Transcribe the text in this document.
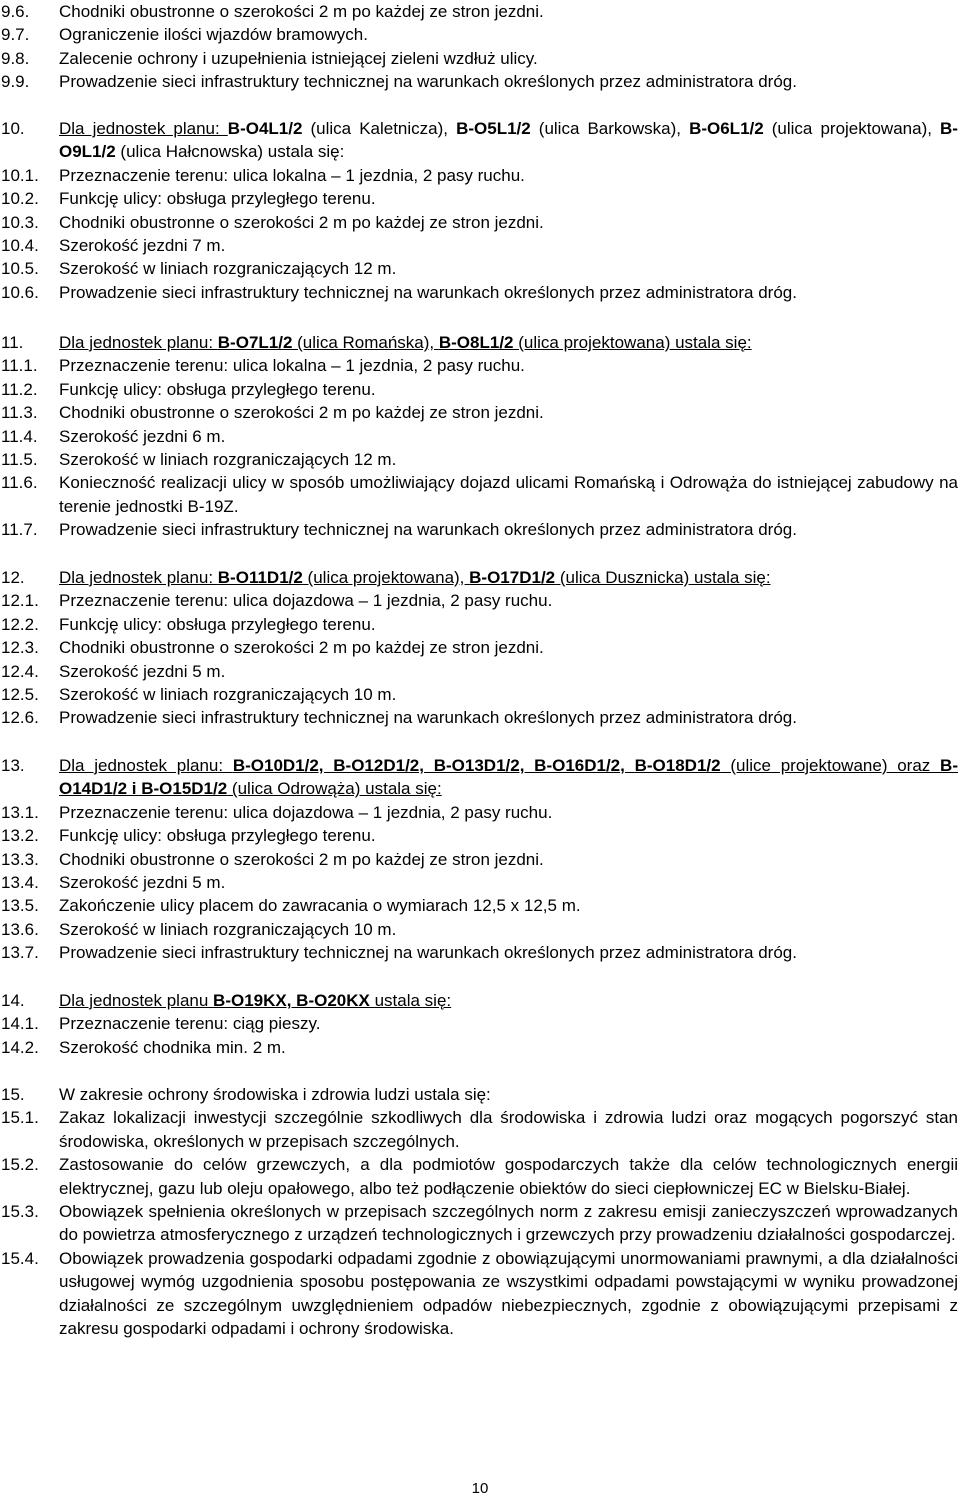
9.6. Chodniki obustronne o szerokości 2 m po każdej ze stron jezdni.
9.7. Ograniczenie ilości wjazdów bramowych.
9.8. Zalecenie ochrony i uzupełnienia istniejącej zieleni wzdłuż ulicy.
9.9. Prowadzenie sieci infrastruktury technicznej na warunkach określonych przez administratora dróg.
10. Dla jednostek planu: B-O4L1/2 (ulica Kaletnicza), B-O5L1/2 (ulica Barkowska), B-O6L1/2 (ulica projektowana), B-O9L1/2 (ulica Hałcnowska) ustala się:
10.1. Przeznaczenie terenu: ulica lokalna – 1 jezdnia, 2 pasy ruchu.
10.2. Funkcję ulicy: obsługa przyległego terenu.
10.3. Chodniki obustronne o szerokości 2 m po każdej ze stron jezdni.
10.4. Szerokość jezdni 7 m.
10.5. Szerokość w liniach rozgraniczających 12 m.
10.6. Prowadzenie sieci infrastruktury technicznej na warunkach określonych przez administratora dróg.
11. Dla jednostek planu: B-O7L1/2 (ulica Romańska), B-O8L1/2 (ulica projektowana) ustala się:
11.1. Przeznaczenie terenu: ulica lokalna – 1 jezdnia, 2 pasy ruchu.
11.2. Funkcję ulicy: obsługa przyległego terenu.
11.3. Chodniki obustronne o szerokości 2 m po każdej ze stron jezdni.
11.4. Szerokość jezdni 6 m.
11.5. Szerokość w liniach rozgraniczających 12 m.
11.6. Konieczność realizacji ulicy w sposób umożliwiający dojazd ulicami Romańską i Odrowąża do istniejącej zabudowy na terenie jednostki B-19Z.
11.7. Prowadzenie sieci infrastruktury technicznej na warunkach określonych przez administratora dróg.
12. Dla jednostek planu: B-O11D1/2 (ulica projektowana), B-O17D1/2 (ulica Dusznicka) ustala się:
12.1. Przeznaczenie terenu: ulica dojazdowa – 1 jezdnia, 2 pasy ruchu.
12.2. Funkcję ulicy: obsługa przyległego terenu.
12.3. Chodniki obustronne o szerokości 2 m po każdej ze stron jezdni.
12.4. Szerokość jezdni 5 m.
12.5. Szerokość w liniach rozgraniczających 10 m.
12.6. Prowadzenie sieci infrastruktury technicznej na warunkach określonych przez administratora dróg.
13. Dla jednostek planu: B-O10D1/2, B-O12D1/2, B-O13D1/2, B-O16D1/2, B-O18D1/2 (ulice projektowane) oraz B-O14D1/2 i B-O15D1/2 (ulica Odrowąża) ustala się:
13.1. Przeznaczenie terenu: ulica dojazdowa – 1 jezdnia, 2 pasy ruchu.
13.2. Funkcję ulicy: obsługa przyległego terenu.
13.3. Chodniki obustronne o szerokości 2 m po każdej ze stron jezdni.
13.4. Szerokość jezdni 5 m.
13.5. Zakończenie ulicy placem do zawracania o wymiarach 12,5 x 12,5 m.
13.6. Szerokość w liniach rozgraniczających 10 m.
13.7. Prowadzenie sieci infrastruktury technicznej na warunkach określonych przez administratora dróg.
14. Dla jednostek planu B-O19KX, B-O20KX ustala się:
14.1. Przeznaczenie terenu: ciąg pieszy.
14.2. Szerokość chodnika min. 2 m.
15. W zakresie ochrony środowiska i zdrowia ludzi ustala się:
15.1. Zakaz lokalizacji inwestycji szczególnie szkodliwych dla środowiska i zdrowia ludzi oraz mogących pogorszyć stan środowiska, określonych w przepisach szczególnych.
15.2. Zastosowanie do celów grzewczych, a dla podmiotów gospodarczych także dla celów technologicznych energii elektrycznej, gazu lub oleju opałowego, albo też podłączenie obiektów do sieci ciepłowniczej EC w Bielsku-Białej.
15.3. Obowiązek spełnienia określonych w przepisach szczególnych norm z zakresu emisji zanieczyszczeń wprowadzanych do powietrza atmosferycznego z urządzeń technologicznych i grzewczych przy prowadzeniu działalności gospodarczej.
15.4. Obowiązek prowadzenia gospodarki odpadami zgodnie z obowiązującymi unormowaniami prawnymi, a dla działalności usługowej wymóg uzgodnienia sposobu postępowania ze wszystkimi odpadami powstającymi w wyniku prowadzonej działalności ze szczególnym uwzględnieniem odpadów niebezpiecznych, zgodnie z obowiązującymi przepisami z zakresu gospodarki odpadami i ochrony środowiska.
10
